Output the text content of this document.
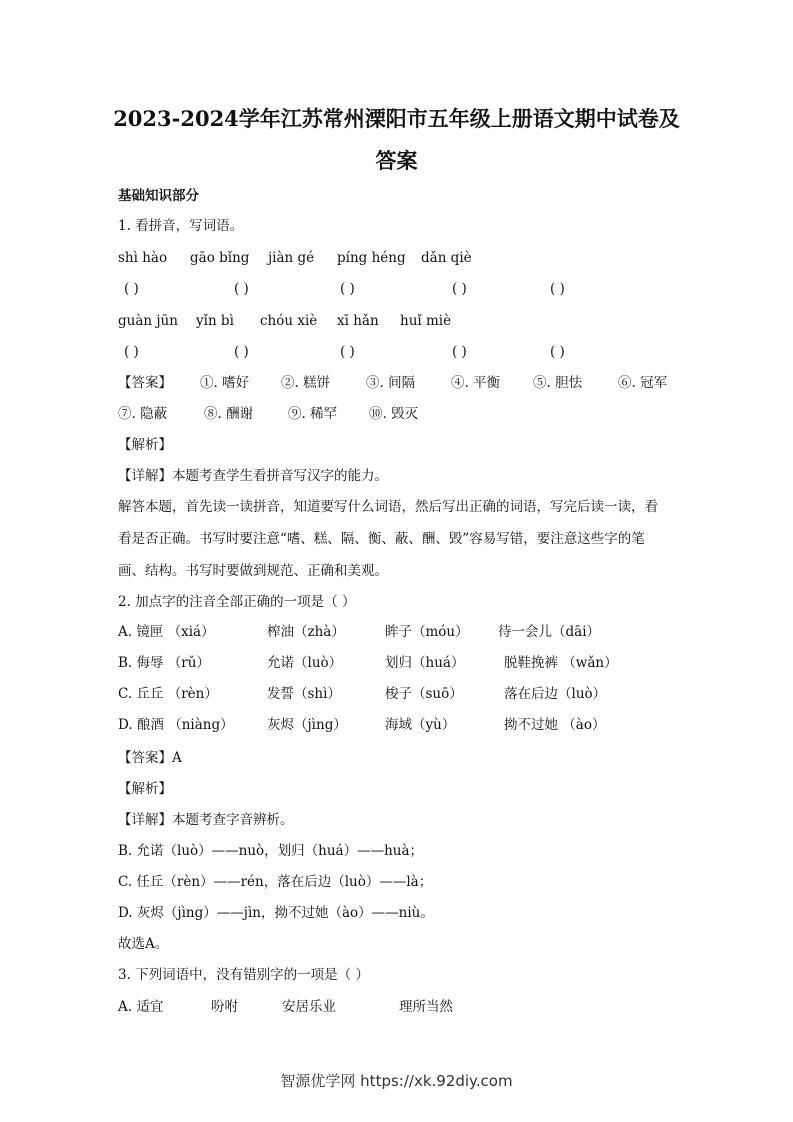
2023-2024学年江苏常州溧阳市五年级上册语文期中试卷及
答案
基础知识部分
1. 看拼音，写词语。
shì hào gāo bǐng jiàn gé píng héng dǎn qiè
( )	( )	( )	( )	( )
guàn jūn yǐn bì chóu xiè xī hǎn huǐ miè
( )	( )	( )	( )	( )
【答案】 ①. 嗜好 ②. 糕饼	③. 间隔	④. 平衡 ⑤. 胆怯	⑥. 冠军
⑦. 隐蔽	⑧. 酬谢	⑨. 稀罕 ⑩. 毁灭
【解析】
【详解】本题考查学生看拼音写汉字的能力。
解答本题，首先读一读拼音，知道要写什么词语，然后写出正确的词语，写完后读一读，看
看是否正确。书写时要注意“嗜、糕、隔、衡、蔽、酬、毁”容易写错，要注意这些字的笔
画、结构。书写时要做到规范、正确和美观。
2. 加点字的注音全部正确的一项是（ ）
A. 镜匣 （xiá）	榨油（zhà）	眸子（móu） 待一会儿（dāi）
B. 侮辱 （rǔ）	允诺（luò）	划归（huá）	脱鞋挽裤 （wǎn）
C. 丘丘 （rèn）	发誓（shì）	梭子（suō）	落在后边（luò）
D. 酿酒 （niàng） 灰烬（jìng）	海域（yù）	拗不过她 （ào）
【答案】A
【解析】
【详解】本题考查字音辨析。
B. 允诺（luò）——nuò，划归（huá）——huà；
C. 任丘（rèn）——rén，落在后边（luò）——là；
D. 灰烬（jìng）——jìn，拗不过她（ào）——niù。
故选A。
3. 下列词语中，没有错别字的一项是（ ）
A. 适宜	吩咐	安居乐业	理所当然
智源优学网 https://xk.92diy.com
